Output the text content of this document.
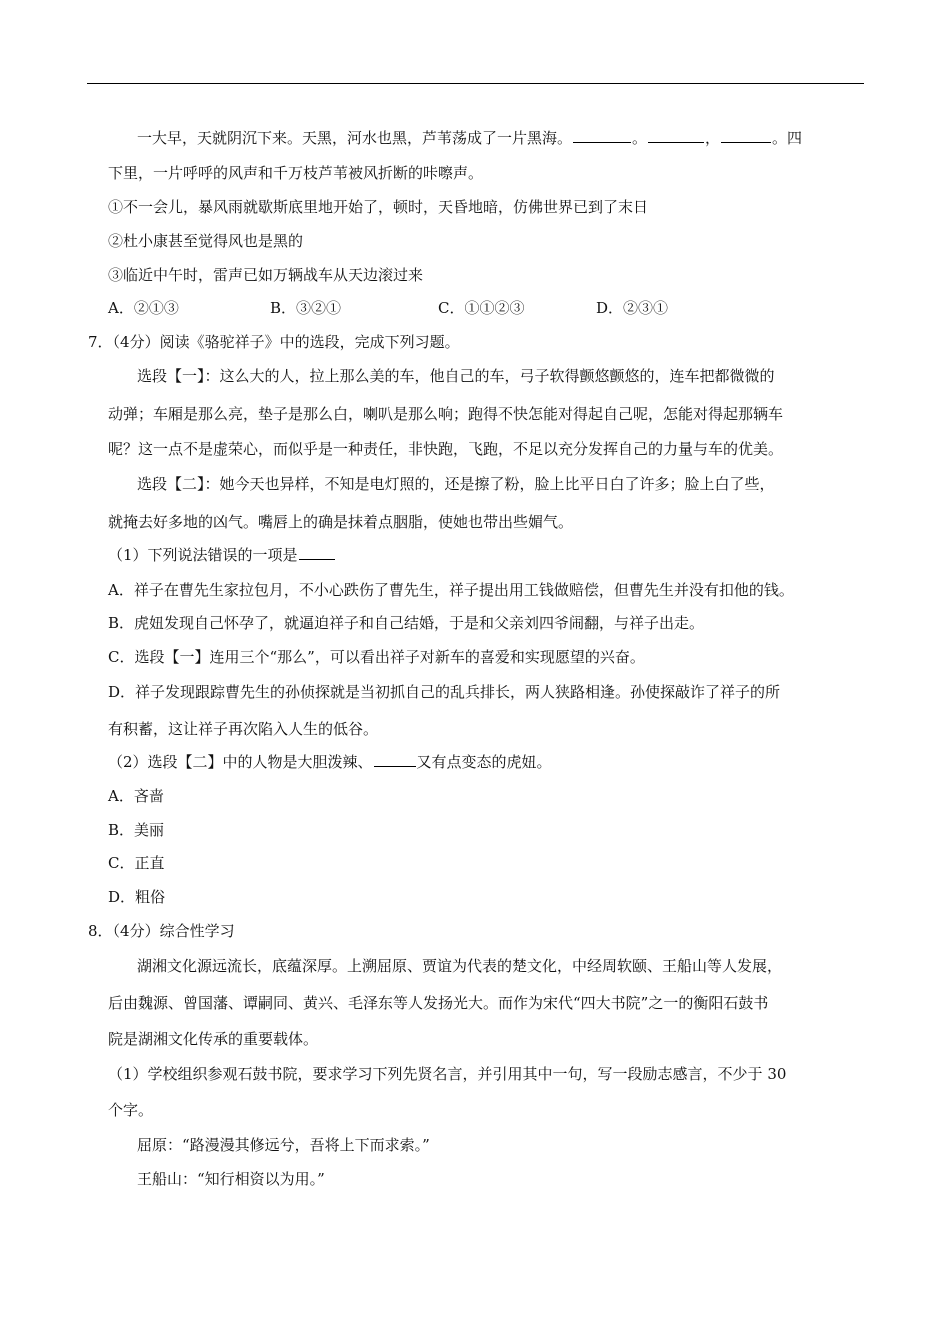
一大早，天就阴沉下来。天黑，河水也黑，芦苇荡成了一片黑海。	。	，	。四
下里，一片呼呼的风声和千万枝芦苇被风折断的咔嚓声。
①不一会儿，暴风雨就歇斯底里地开始了，顿时，天昏地暗，仿佛世界已到了末日
②杜小康甚至觉得风也是黑的
③临近中午时，雷声已如万辆战车从天边滚过来
A．②①③	B．③②①	C．①①②③	D．②③①
7．（4分）阅读《骆驼祥子》中的选段，完成下列习题。
选段【一】：这么大的人，拉上那么美的车，他自己的车，弓子软得颤悠颤悠的，连车把都微微的
动弹；车厢是那么亮，垫子是那么白，喇叭是那么响；跑得不快怎能对得起自己呢，怎能对得起那辆车
呢？这一点不是虚荣心，而似乎是一种责任，非快跑，飞跑，不足以充分发挥自己的力量与车的优美。
选段【二】：她今天也异样，不知是电灯照的，还是擦了粉，脸上比平日白了许多；脸上白了些，
就掩去好多地的凶气。嘴唇上的确是抹着点胭脂，使她也带出些媚气。
（1）下列说法错误的一项是
A．祥子在曹先生家拉包月，不小心跌伤了曹先生，祥子提出用工钱做赔偿，但曹先生并没有扣他的钱。
B．虎妞发现自己怀孕了，就逼迫祥子和自己结婚，于是和父亲刘四爷闹翻，与祥子出走。
C．选段【一】连用三个“那么”，可以看出祥子对新车的喜爱和实现愿望的兴奋。
D．祥子发现跟踪曹先生的孙侦探就是当初抓自己的乱兵排长，两人狭路相逢。孙使探敲诈了祥子的所
有积蓄，这让祥子再次陷入人生的低谷。
（2）选段【二】中的人物是大胆泼辣、	又有点变态的虎妞。
A．吝啬
B．美丽
C．正直
D．粗俗
8．（4分）综合性学习
湖湘文化源远流长，底蕴深厚。上溯屈原、贾谊为代表的楚文化，中经周软颐、王船山等人发展，
后由魏源、曾国藩、谭嗣同、黄兴、毛泽东等人发扬光大。而作为宋代“四大书院”之一的衡阳石鼓书
院是湖湘文化传承的重要载体。
（1）学校组织参观石鼓书院，要求学习下列先贤名言，并引用其中一句，写一段励志感言，不少于 30
个字。
屈原：“路漫漫其修远兮，吾将上下而求索。”
王船山：“知行相资以为用。”
